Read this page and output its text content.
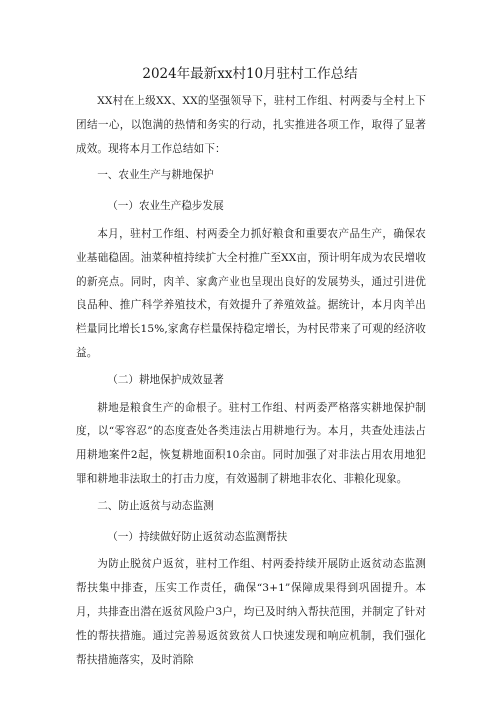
2024年最新xx村10月驻村工作总结

XX村在上级XX、XX的坚强领导下，驻村工作组、村两委与全村上下团结一心，以饱满的热情和务实的行动，扎实推进各项工作，取得了显著成效。现将本月工作总结如下：

一、农业生产与耕地保护

（一）农业生产稳步发展

本月，驻村工作组、村两委全力抓好粮食和重要农产品生产，确保农业基础稳固。油菜种植持续扩大全村推广至XX亩，预计明年成为农民增收的新亮点。同时，肉羊、家禽产业也呈现出良好的发展势头，通过引进优良品种、推广科学养殖技术，有效提升了养殖效益。据统计，本月肉羊出栏量同比增长15%,家禽存栏量保持稳定增长，为村民带来了可观的经济收益。

（二）耕地保护成效显著

耕地是粮食生产的命根子。驻村工作组、村两委严格落实耕地保护制度，以“零容忍”的态度查处各类违法占用耕地行为。本月，共查处违法占用耕地案件2起，恢复耕地面积10余亩。同时加强了对非法占用农用地犯罪和耕地非法取土的打击力度，有效遏制了耕地非农化、非粮化现象。

二、防止返贫与动态监测

（一）持续做好防止返贫动态监测帮扶

为防止脱贫户返贫，驻村工作组、村两委持续开展防止返贫动态监测帮扶集中排查，压实工作责任，确保“3+1”保障成果得到巩固提升。本月，共排查出潜在返贫风险户3户，均已及时纳入帮扶范围，并制定了针对性的帮扶措施。通过完善易返贫致贫人口快速发现和响应机制，我们强化帮扶措施落实，及时消除
